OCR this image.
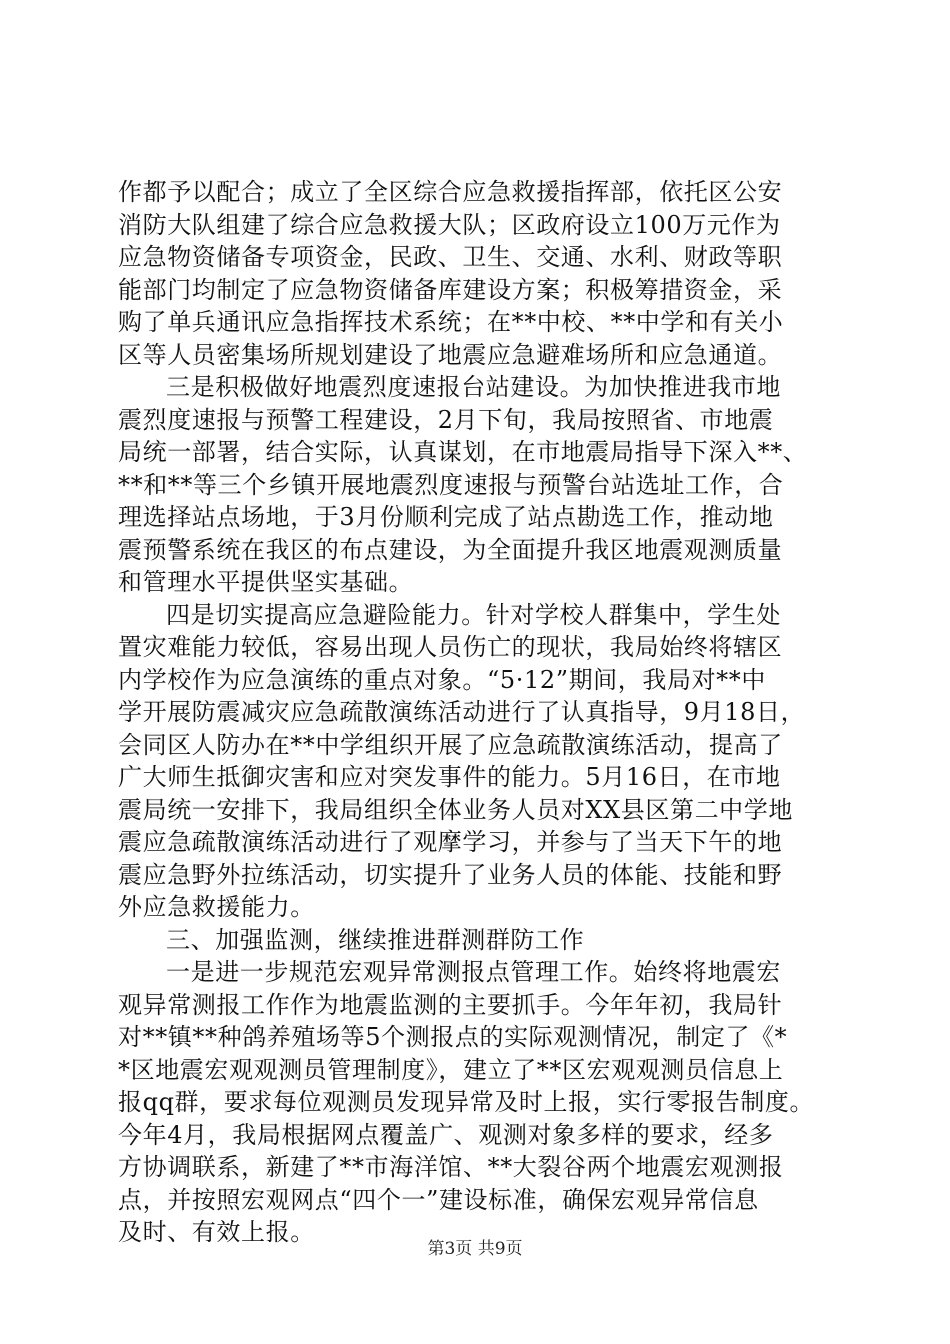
作都予以配合；成立了全区综合应急救援指挥部，依托区公安
消防大队组建了综合应急救援大队；区政府设立100万元作为
应急物资储备专项资金，民政、卫生、交通、水利、财政等职
能部门均制定了应急物资储备库建设方案；积极筹措资金，采
购了单兵通讯应急指挥技术系统；在**中校、**中学和有关小
区等人员密集场所规划建设了地震应急避难场所和应急通道。
三是积极做好地震烈度速报台站建设。为加快推进我市地
震烈度速报与预警工程建设，2月下旬，我局按照省、市地震
局统一部署，结合实际，认真谋划，在市地震局指导下深入**、
**和**等三个乡镇开展地震烈度速报与预警台站选址工作，合
理选择站点场地，于3月份顺利完成了站点勘选工作，推动地
震预警系统在我区的布点建设，为全面提升我区地震观测质量
和管理水平提供坚实基础。
四是切实提高应急避险能力。针对学校人群集中，学生处
置灾难能力较低，容易出现人员伤亡的现状，我局始终将辖区
内学校作为应急演练的重点对象。“5·12”期间，我局对**中
学开展防震减灾应急疏散演练活动进行了认真指导，9月18日，
会同区人防办在**中学组织开展了应急疏散演练活动，提高了
广大师生抵御灾害和应对突发事件的能力。5月16日，在市地
震局统一安排下，我局组织全体业务人员对XX县区第二中学地
震应急疏散演练活动进行了观摩学习，并参与了当天下午的地
震应急野外拉练活动，切实提升了业务人员的体能、技能和野
外应急救援能力。
三、加强监测，继续推进群测群防工作
一是进一步规范宏观异常测报点管理工作。始终将地震宏
观异常测报工作作为地震监测的主要抓手。今年年初，我局针
对**镇**种鸽养殖场等5个测报点的实际观测情况，制定了《*
*区地震宏观观测员管理制度》，建立了**区宏观观测员信息上
报qq群，要求每位观测员发现异常及时上报，实行零报告制度。
今年4月，我局根据网点覆盖广、观测对象多样的要求，经多
方协调联系，新建了**市海洋馆、**大裂谷两个地震宏观测报
点，并按照宏观网点“四个一”建设标准，确保宏观异常信息
及时、有效上报。
第3页 共9页
